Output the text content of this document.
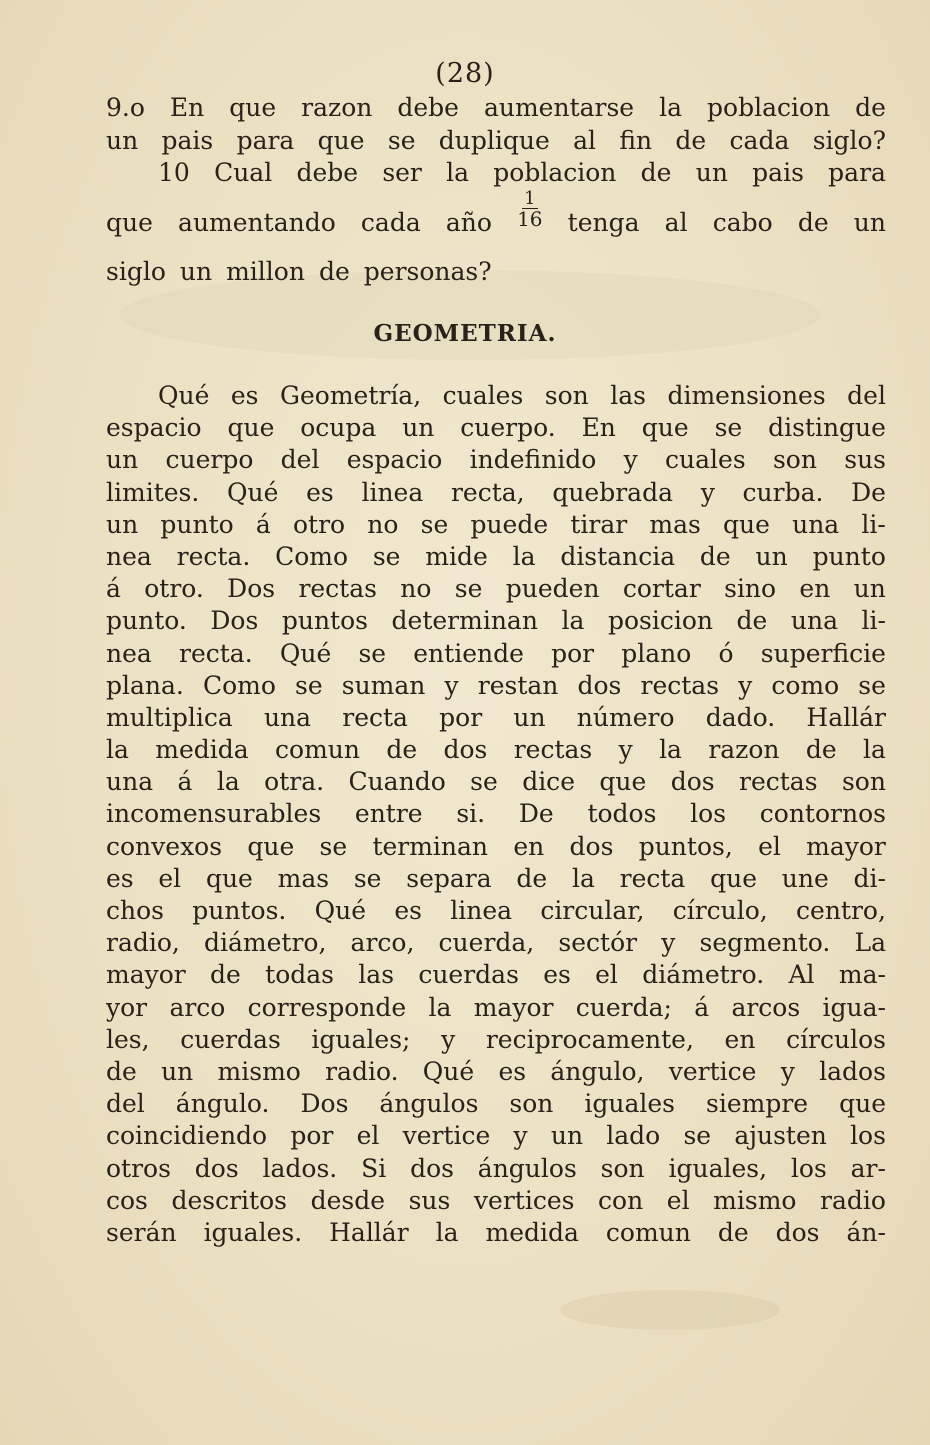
(28)
9.o En que razon debe aumentarse la poblacion de
un pais para que se duplique al fin de cada siglo?
10 Cual debe ser la poblacion de un pais para
que aumentando cada año $\frac{1}{16}$ tenga al cabo de un
siglo un millon de personas?
GEOMETRIA.
Qué es Geometría, cuales son las dimensiones del
espacio que ocupa un cuerpo. En que se distingue
un cuerpo del espacio indefinido y cuales son sus
limites. Qué es linea recta, quebrada y curba. De
un punto á otro no se puede tirar mas que una li-
nea recta. Como se mide la distancia de un punto
á otro. Dos rectas no se pueden cortar sino en un
punto. Dos puntos determinan la posicion de una li-
nea recta. Qué se entiende por plano ó superficie
plana. Como se suman y restan dos rectas y como se
multiplica una recta por un número dado. Hallár
la medida comun de dos rectas y la razon de la
una á la otra. Cuando se dice que dos rectas son
incomensurables entre si. De todos los contornos
convexos que se terminan en dos puntos, el mayor
es el que mas se separa de la recta que une di-
chos puntos. Qué es linea circular, círculo, centro,
radio, diámetro, arco, cuerda, sectór y segmento. La
mayor de todas las cuerdas es el diámetro. Al ma-
yor arco corresponde la mayor cuerda; á arcos igua-
les, cuerdas iguales; y reciprocamente, en círculos
de un mismo radio. Qué es ángulo, vertice y lados
del ángulo. Dos ángulos son iguales siempre que
coincidiendo por el vertice y un lado se ajusten los
otros dos lados. Si dos ángulos son iguales, los ar-
cos descritos desde sus vertices con el mismo radio
serán iguales. Hallár la medida comun de dos án-
